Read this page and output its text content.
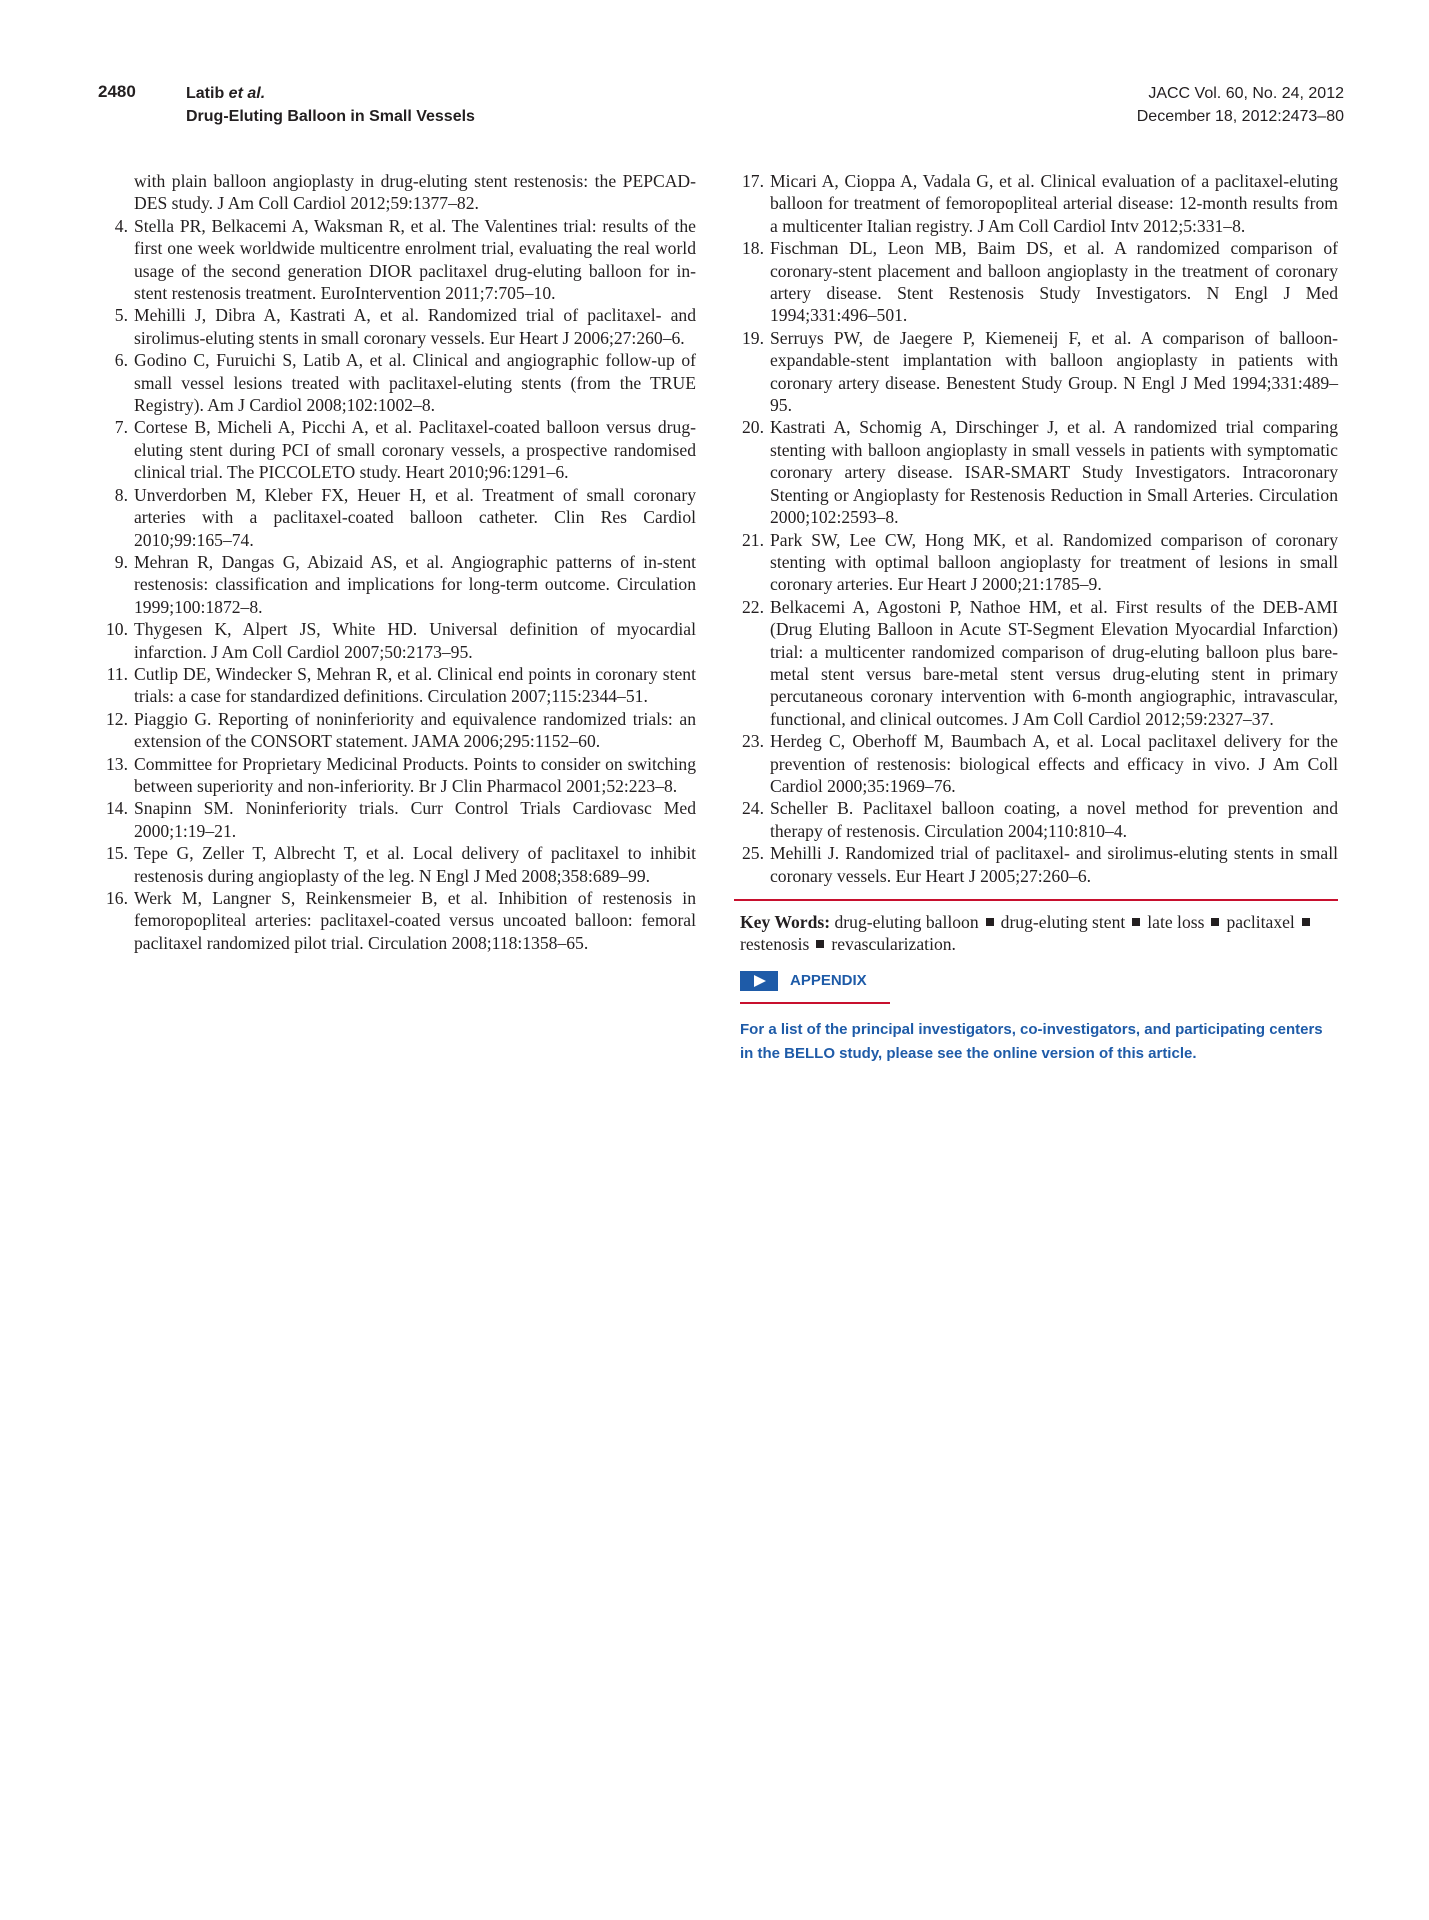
2480	Latib et al.
Drug-Eluting Balloon in Small Vessels
JACC Vol. 60, No. 24, 2012
December 18, 2012:2473–80
with plain balloon angioplasty in drug-eluting stent restenosis: the PEPCAD-DES study. J Am Coll Cardiol 2012;59:1377–82.
4. Stella PR, Belkacemi A, Waksman R, et al. The Valentines trial: results of the first one week worldwide multicentre enrolment trial, evaluating the real world usage of the second generation DIOR paclitaxel drug-eluting balloon for in-stent restenosis treatment. EuroIntervention 2011;7:705–10.
5. Mehilli J, Dibra A, Kastrati A, et al. Randomized trial of paclitaxel- and sirolimus-eluting stents in small coronary vessels. Eur Heart J 2006;27:260–6.
6. Godino C, Furuichi S, Latib A, et al. Clinical and angiographic follow-up of small vessel lesions treated with paclitaxel-eluting stents (from the TRUE Registry). Am J Cardiol 2008;102:1002–8.
7. Cortese B, Micheli A, Picchi A, et al. Paclitaxel-coated balloon versus drug-eluting stent during PCI of small coronary vessels, a prospective randomised clinical trial. The PICCOLETO study. Heart 2010;96:1291–6.
8. Unverdorben M, Kleber FX, Heuer H, et al. Treatment of small coronary arteries with a paclitaxel-coated balloon catheter. Clin Res Cardiol 2010;99:165–74.
9. Mehran R, Dangas G, Abizaid AS, et al. Angiographic patterns of in-stent restenosis: classification and implications for long-term outcome. Circulation 1999;100:1872–8.
10. Thygesen K, Alpert JS, White HD. Universal definition of myocardial infarction. J Am Coll Cardiol 2007;50:2173–95.
11. Cutlip DE, Windecker S, Mehran R, et al. Clinical end points in coronary stent trials: a case for standardized definitions. Circulation 2007;115:2344–51.
12. Piaggio G. Reporting of noninferiority and equivalence randomized trials: an extension of the CONSORT statement. JAMA 2006;295:1152–60.
13. Committee for Proprietary Medicinal Products. Points to consider on switching between superiority and non-inferiority. Br J Clin Pharmacol 2001;52:223–8.
14. Snapinn SM. Noninferiority trials. Curr Control Trials Cardiovasc Med 2000;1:19–21.
15. Tepe G, Zeller T, Albrecht T, et al. Local delivery of paclitaxel to inhibit restenosis during angioplasty of the leg. N Engl J Med 2008;358:689–99.
16. Werk M, Langner S, Reinkensmeier B, et al. Inhibition of restenosis in femoropopliteal arteries: paclitaxel-coated versus uncoated balloon: femoral paclitaxel randomized pilot trial. Circulation 2008;118:1358–65.
17. Micari A, Cioppa A, Vadala G, et al. Clinical evaluation of a paclitaxel-eluting balloon for treatment of femoropopliteal arterial disease: 12-month results from a multicenter Italian registry. J Am Coll Cardiol Intv 2012;5:331–8.
18. Fischman DL, Leon MB, Baim DS, et al. A randomized comparison of coronary-stent placement and balloon angioplasty in the treatment of coronary artery disease. Stent Restenosis Study Investigators. N Engl J Med 1994;331:496–501.
19. Serruys PW, de Jaegere P, Kiemeneij F, et al. A comparison of balloon-expandable-stent implantation with balloon angioplasty in patients with coronary artery disease. Benestent Study Group. N Engl J Med 1994;331:489–95.
20. Kastrati A, Schomig A, Dirschinger J, et al. A randomized trial comparing stenting with balloon angioplasty in small vessels in patients with symptomatic coronary artery disease. ISAR-SMART Study Investigators. Intracoronary Stenting or Angioplasty for Restenosis Reduction in Small Arteries. Circulation 2000;102:2593–8.
21. Park SW, Lee CW, Hong MK, et al. Randomized comparison of coronary stenting with optimal balloon angioplasty for treatment of lesions in small coronary arteries. Eur Heart J 2000;21:1785–9.
22. Belkacemi A, Agostoni P, Nathoe HM, et al. First results of the DEB-AMI (Drug Eluting Balloon in Acute ST-Segment Elevation Myocardial Infarction) trial: a multicenter randomized comparison of drug-eluting balloon plus bare-metal stent versus bare-metal stent versus drug-eluting stent in primary percutaneous coronary intervention with 6-month angiographic, intravascular, functional, and clinical outcomes. J Am Coll Cardiol 2012;59:2327–37.
23. Herdeg C, Oberhoff M, Baumbach A, et al. Local paclitaxel delivery for the prevention of restenosis: biological effects and efficacy in vivo. J Am Coll Cardiol 2000;35:1969–76.
24. Scheller B. Paclitaxel balloon coating, a novel method for prevention and therapy of restenosis. Circulation 2004;110:810–4.
25. Mehilli J. Randomized trial of paclitaxel- and sirolimus-eluting stents in small coronary vessels. Eur Heart J 2005;27:260–6.
Key Words: drug-eluting balloon drug-eluting stent late loss paclitaxelrestenosis revascularization.
APPENDIX
For a list of the principal investigators, co-investigators, and participating centers in the BELLO study, please see the online version of this article.
